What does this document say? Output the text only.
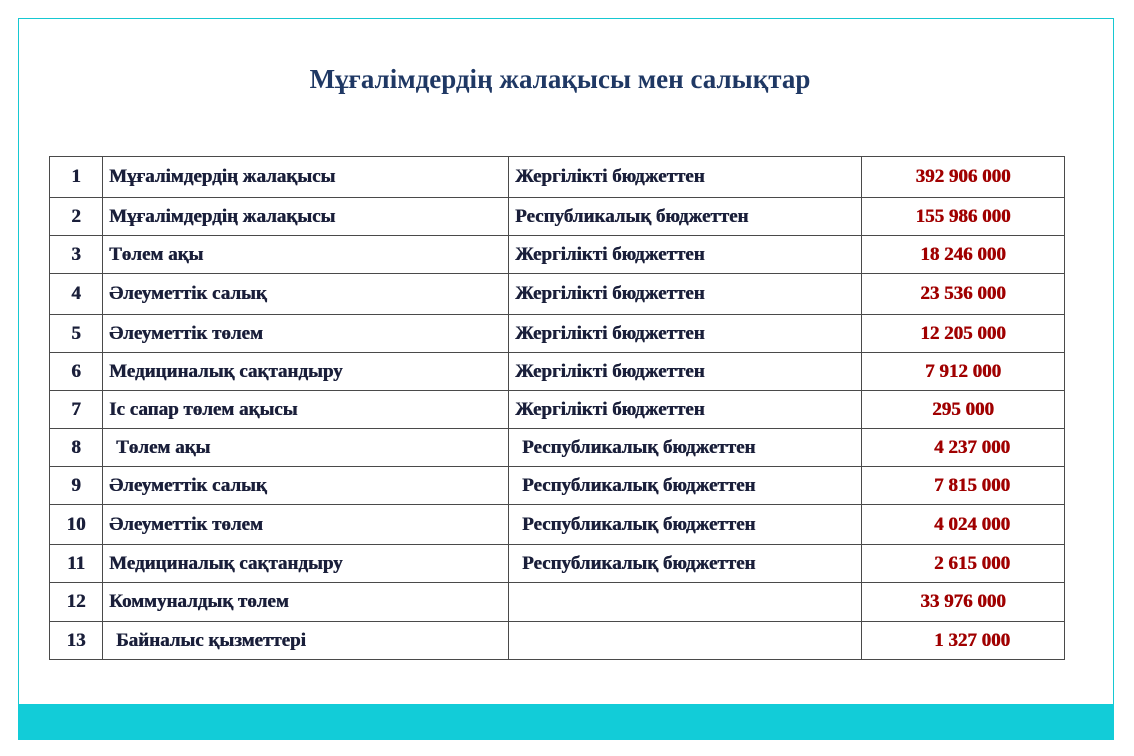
Мұғалімдердің жалақысы мен салықтар
1	Мұғалімдердің жалақысы	Жергілікті бюджеттен	392 906 000
2	Мұғалімдердің жалақысы	Республикалық бюджеттен	155 986 000
3	Төлем ақы	Жергілікті бюджеттен	18 246 000
4	Әлеуметтік салық	Жергілікті бюджеттен	23 536 000
5	Әлеуметтік төлем	Жергілікті бюджеттен	12 205 000
6	Медициналық сақтандыру	Жергілікті бюджеттен	7 912 000
7	Іс сапар төлем ақысы	Жергілікті бюджеттен	295 000
8	Төлем ақы	Республикалық бюджеттен	4 237 000
9	Әлеуметтік салық	Республикалық бюджеттен	7 815 000
10	Әлеуметтік төлем	Республикалық бюджеттен	4 024 000
11	Медициналық сақтандыру	Республикалық бюджеттен	2 615 000
12	Коммуналдық төлем		33 976 000
13	Байналыс қызметтері		1 327 000
